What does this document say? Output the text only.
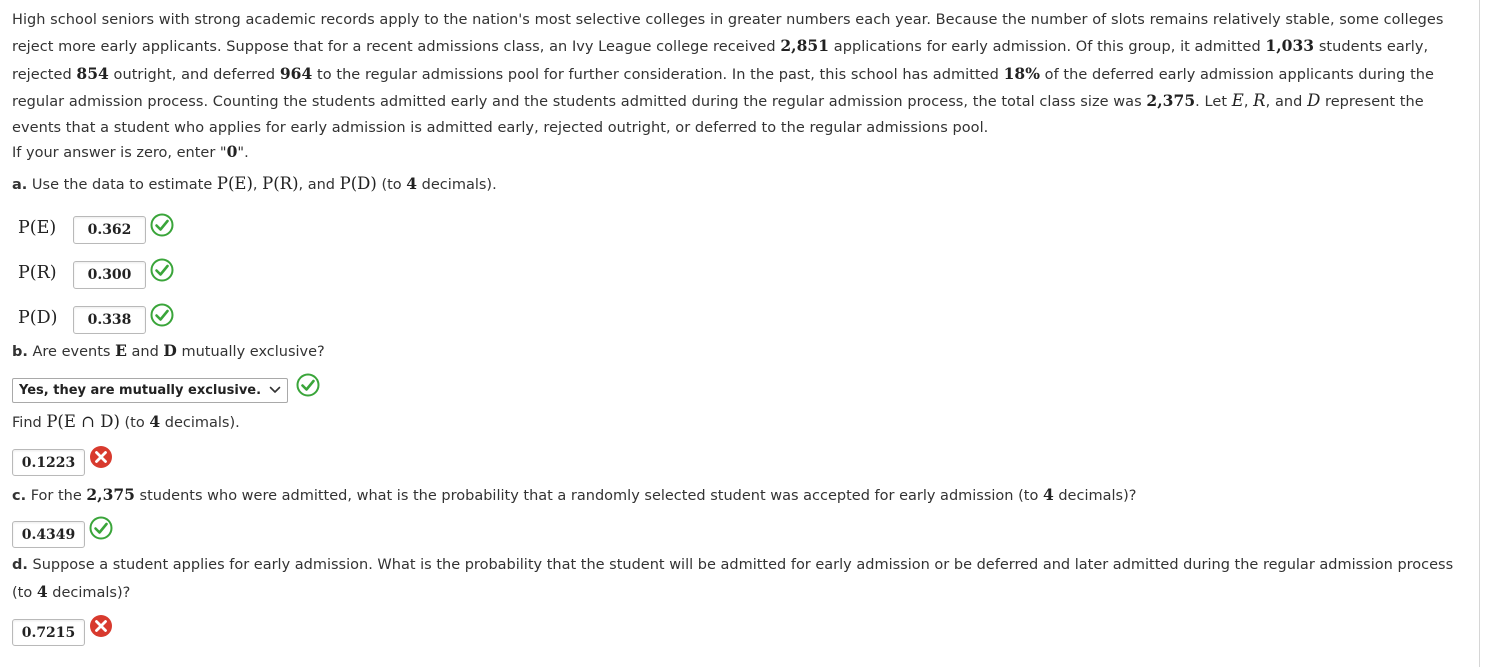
High school seniors with strong academic records apply to the nation's most selective colleges in greater numbers each year. Because the number of slots remains relatively stable, some colleges reject more early applicants. Suppose that for a recent admissions class, an Ivy League college received 2,851 applications for early admission. Of this group, it admitted 1,033 students early, rejected 854 outright, and deferred 964 to the regular admissions pool for further consideration. In the past, this school has admitted 18% of the deferred early admission applicants during the regular admission process. Counting the students admitted early and the students admitted during the regular admission process, the total class size was 2,375. Let E, R, and D represent the events that a student who applies for early admission is admitted early, rejected outright, or deferred to the regular admissions pool.
If your answer is zero, enter "0".
a. Use the data to estimate P(E), P(R), and P(D) (to 4 decimals).
P(E)	0.362
P(R)	0.300
P(D)	0.338
b. Are events E and D mutually exclusive?
Yes, they are mutually exclusive.
Find P(E ∩ D) (to 4 decimals).
0.1223
c. For the 2,375 students who were admitted, what is the probability that a randomly selected student was accepted for early admission (to 4 decimals)?
0.4349
d. Suppose a student applies for early admission. What is the probability that the student will be admitted for early admission or be deferred and later admitted during the regular admission process
(to 4 decimals)?
0.7215
